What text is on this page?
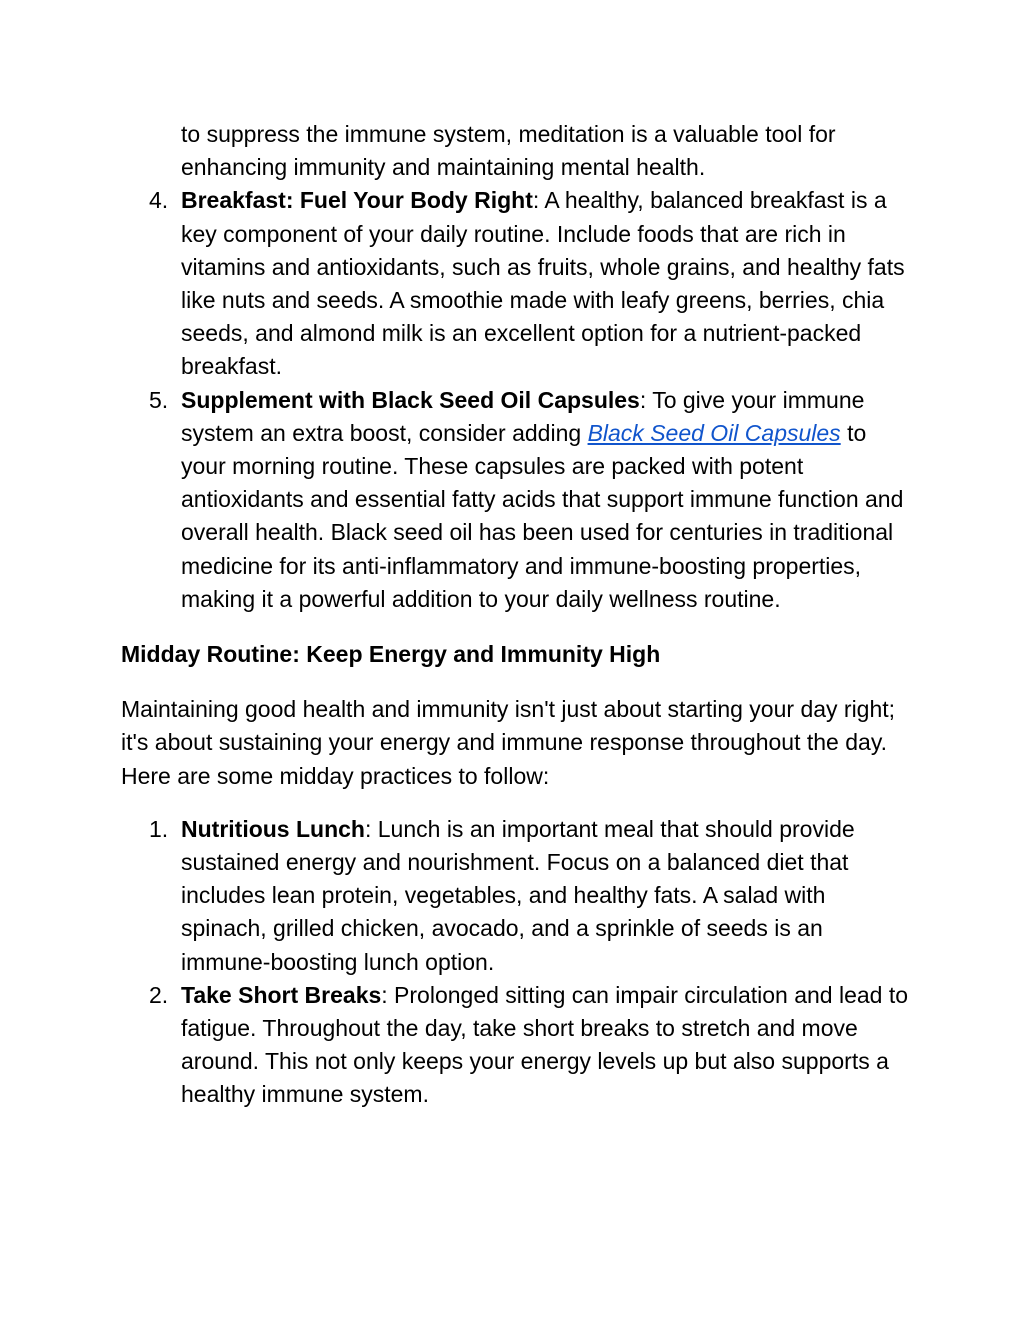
to suppress the immune system, meditation is a valuable tool for enhancing immunity and maintaining mental health.

4. Breakfast: Fuel Your Body Right: A healthy, balanced breakfast is a key component of your daily routine. Include foods that are rich in vitamins and antioxidants, such as fruits, whole grains, and healthy fats like nuts and seeds. A smoothie made with leafy greens, berries, chia seeds, and almond milk is an excellent option for a nutrient-packed breakfast.

5. Supplement with Black Seed Oil Capsules: To give your immune system an extra boost, consider adding Black Seed Oil Capsules to your morning routine. These capsules are packed with potent antioxidants and essential fatty acids that support immune function and overall health. Black seed oil has been used for centuries in traditional medicine for its anti-inflammatory and immune-boosting properties, making it a powerful addition to your daily wellness routine.

Midday Routine: Keep Energy and Immunity High

Maintaining good health and immunity isn't just about starting your day right; it's about sustaining your energy and immune response throughout the day. Here are some midday practices to follow:

1. Nutritious Lunch: Lunch is an important meal that should provide sustained energy and nourishment. Focus on a balanced diet that includes lean protein, vegetables, and healthy fats. A salad with spinach, grilled chicken, avocado, and a sprinkle of seeds is an immune-boosting lunch option.

2. Take Short Breaks: Prolonged sitting can impair circulation and lead to fatigue. Throughout the day, take short breaks to stretch and move around. This not only keeps your energy levels up but also supports a healthy immune system.
